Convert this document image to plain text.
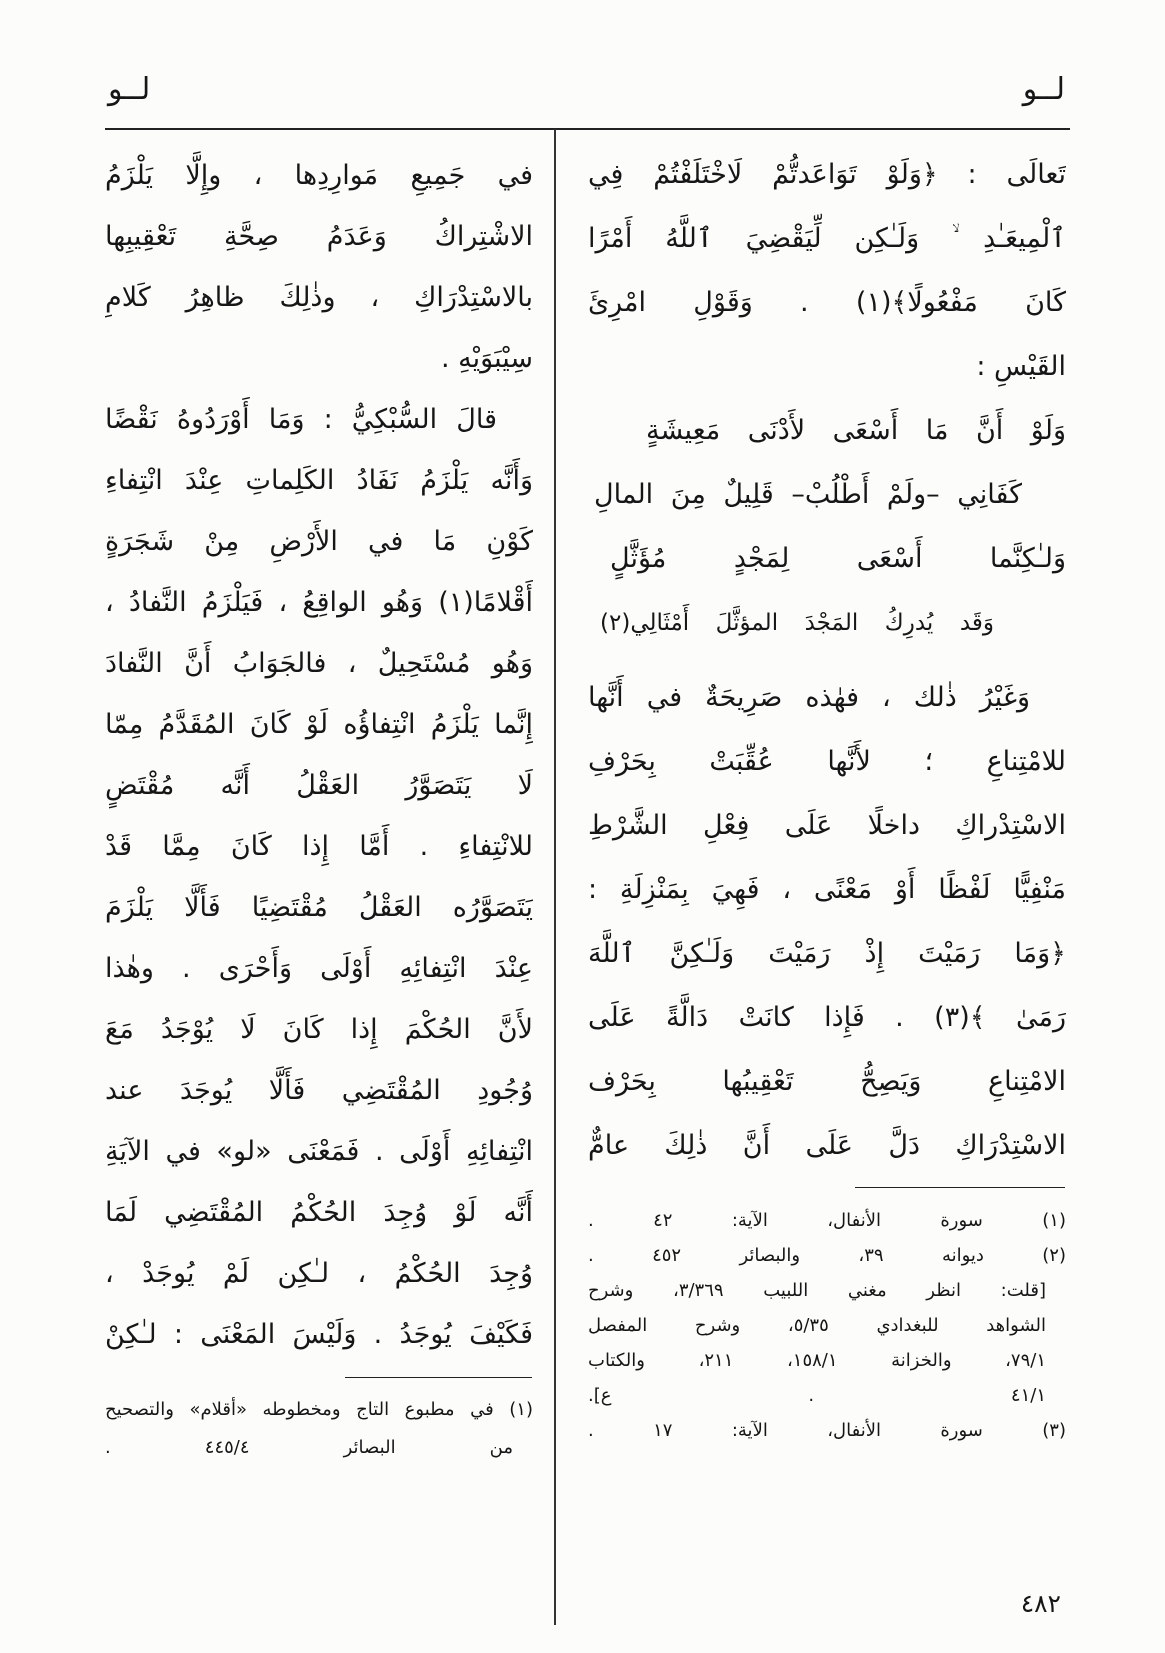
لــو
لــو
تَعالَى : ﴿وَلَوْ تَوَاعَدتُّمْ لَاخْتَلَفْتُمْ فِي
ٱلْمِيعَـٰدِ ۙ وَلَـٰكِن لِّيَقْضِيَ ٱللَّهُ أَمْرًا
كَانَ مَفْعُولًا﴾(١) . وَقَوْلِ امْرِئَ
القَيْسِ :
وَلَوْ أَنَّ مَا أَسْعَى لأَدْنَى مَعِيشَةٍ
كَفَانِي –ولَمْ أَطْلُبْ– قَلِيلٌ مِنَ المالِ
وَلـٰكِنَّما أَسْعَى لِمَجْدٍ مُؤَثَّلٍ
وَقَد يُدرِكُ المَجْدَ المؤثَّلَ أَمْثَالِي(٢)
وَغَيْرُ ذٰلك ، فهٰذه صَرِيحَةٌ في أَنَّها
للامْتِناعِ ؛ لأَنَّها عُقِّبَتْ بِحَرْفِ
الاسْتِدْراكِ داخلًا عَلَى فِعْلِ الشَّرْطِ
مَنْفِيًّا لَفْظًا أَوْ مَعْنًى ، فَهِيَ بِمَنْزِلَةِ :
﴿وَمَا رَمَيْتَ إِذْ رَمَيْتَ وَلَـٰكِنَّ ٱللَّهَ
رَمَىٰ ﴾(٣) . فَإِذا كانَتْ دَالَّةً عَلَى
الامْتِناعِ وَيَصِحُّ تَعْقِيبُها بِحَرْف
الاسْتِدْرَاكِ دَلَّ عَلَى أَنَّ ذٰلِكَ عامٌّ
(١) سورة الأنفال، الآية: ٤٢ .
(٢) ديوانه ٣٩، والبصائر ٤٥٢ .
[قلت: انظر مغني اللبيب ٣/٣٦٩، وشرح
الشواهد للبغدادي ٥/٣٥، وشرح المفصل
٧٩/١، والخزانة ١٥٨/١، ٢١١، والكتاب
٤١/١ . ع].
(٣) سورة الأنفال، الآية: ١٧ .
في جَمِيعِ مَوارِدِها ، وإِلَّا يَلْزَمُ
الاشْتِراكُ وَعَدَمُ صِحَّةِ تَعْقِيبِها
بالاسْتِدْرَاكِ ، وذٰلِكَ ظاهِرُ كَلامِ
سِيْبَوَيْهِ .
قالَ السُّبْكِيُّ : وَمَا أَوْرَدُوهُ نَقْضًا
وَأَنَّه يَلْزَمُ نَفَادُ الكَلِماتِ عِنْدَ انْتِفاءِ
كَوْنِ مَا في الأَرْضِ مِنْ شَجَرَةٍ
أَقْلامًا(١) وَهُو الواقِعُ ، فَيَلْزَمُ النَّفادُ ،
وَهُو مُسْتَحِيلٌ ، فالجَوَابُ أَنَّ النَّفادَ
إِنَّما يَلْزَمُ انْتِفاؤُه لَوْ كَانَ المُقَدَّمُ مِمّا
لَا يَتَصَوَّرُ العَقْلُ أَنَّه مُقْتَضٍ
للانْتِفاءِ . أَمَّا إِذا كَانَ مِمَّا قَدْ
يَتَصَوَّرُه العَقْلُ مُقْتَضِيًا فَأَلَّا يَلْزَمَ
عِنْدَ انْتِفائِهِ أَوْلَى وَأَحْرَى . وهٰذا
لأَنَّ الحُكْمَ إِذا كَانَ لَا يُوْجَدُ مَعَ
وُجُودِ المُقْتَضِي فَأَلَّا يُوجَدَ عند
انْتِفائِهِ أَوْلَى . فَمَعْنَى «لو» في الآيَةِ
أَنَّه لَوْ وُجِدَ الحُكْمُ المُقْتَضِي لَمَا
وُجِدَ الحُكْمُ ، لـٰكِن لَمْ يُوجَدْ ،
فَكَيْفَ يُوجَدُ . وَلَيْسَ المَعْنَى : لـٰكِنْ
(١) في مطبوع التاج ومخطوطه «أقلام» والتصحيح
من البصائر ٤٤٥/٤ .
٤٨٢
